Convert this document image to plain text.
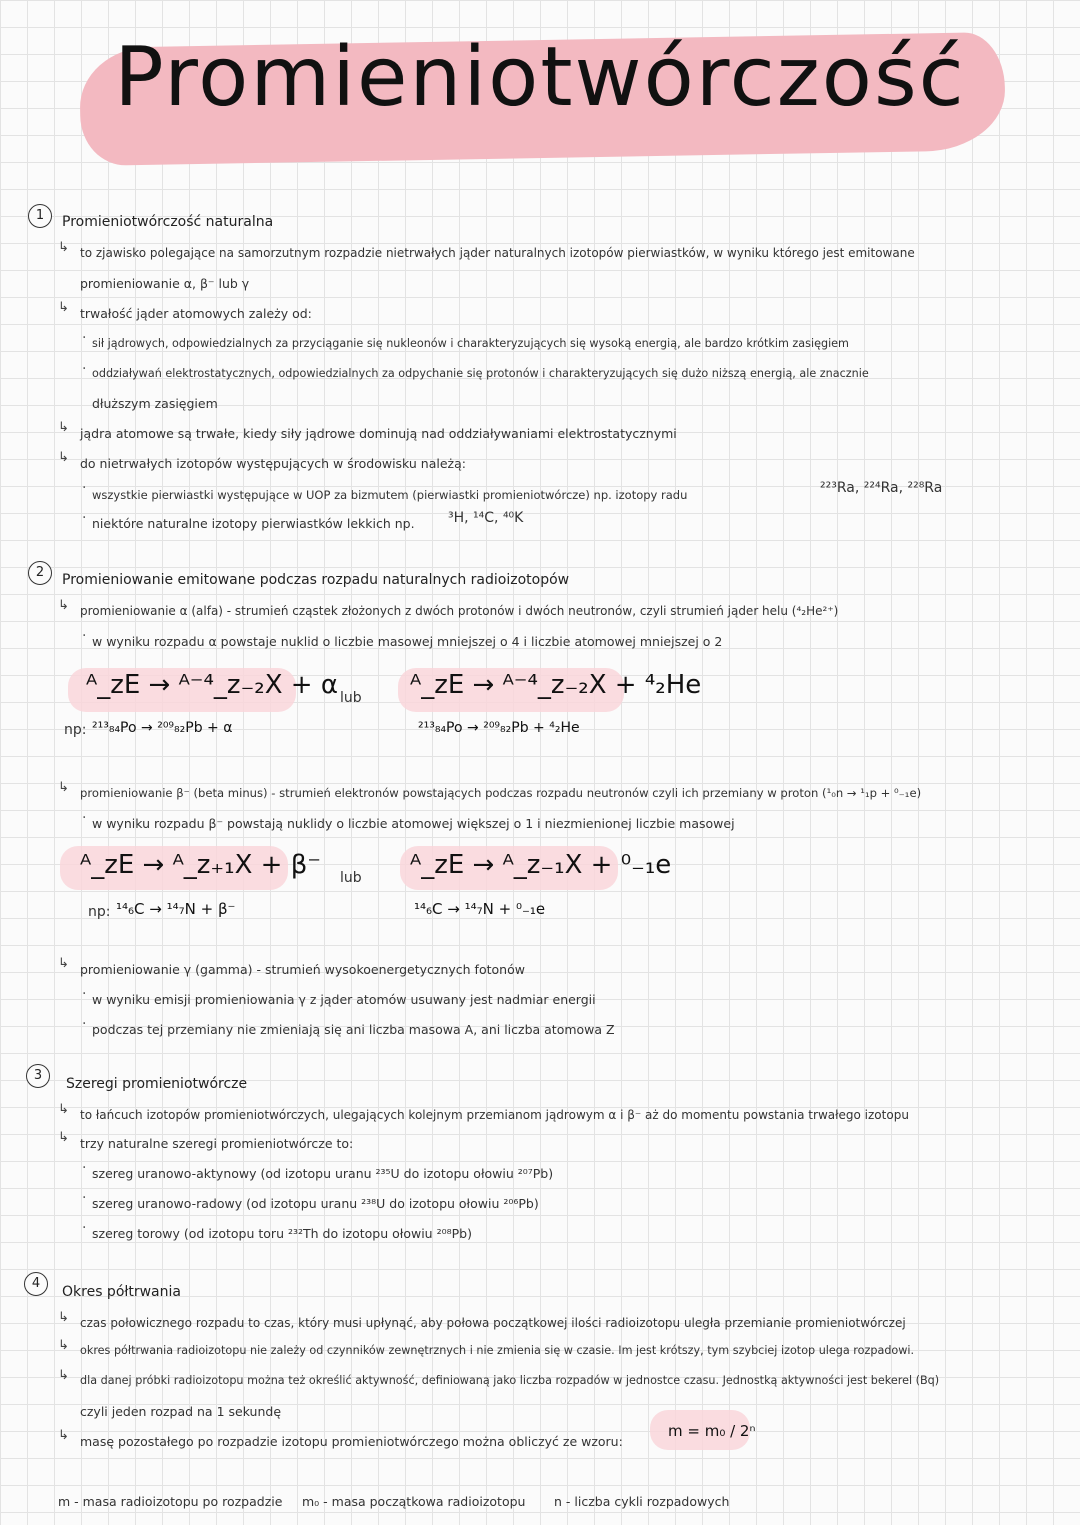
Promieniotwórczość
1	Promieniotwórczość naturalna
↳ to zjawisko polegające na samorzutnym rozpadzie nietrwałych jąder naturalnych izotopów pierwiastków, w wyniku którego jest emitowane
promieniowanie α, β⁻ lub γ
↳ trwałość jąder atomowych zależy od:
· sił jądrowych, odpowiedzialnych za przyciąganie się nukleonów i charakteryzujących się wysoką energią, ale bardzo krótkim zasięgiem
· oddziaływań elektrostatycznych, odpowiedzialnych za odpychanie się protonów i charakteryzujących się dużo niższą energią, ale znacznie
dłuższym zasięgiem
↳ jądra atomowe są trwałe, kiedy siły jądrowe dominują nad oddziaływaniami elektrostatycznymi
↳ do nietrwałych izotopów występujących w środowisku należą:
· wszystkie pierwiastki występujące w UOP za bizmutem (pierwiastki promieniotwórcze) np. izotopy radu	²²³Ra, ²²⁴Ra, ²²⁸Ra
· niektóre naturalne izotopy pierwiastków lekkich np. ³H, ¹⁴C, ⁴⁰K
2	Promieniowanie emitowane podczas rozpadu naturalnych radioizotopów
↳ promieniowanie α (alfa) - strumień cząstek złożonych z dwóch protonów i dwóch neutronów, czyli strumień jąder helu (⁴₂He²⁺)
· w wyniku rozpadu α powstaje nuklid o liczbie masowej mniejszej o 4 i liczbie atomowej mniejszej o 2
ᴬ_zE → ᴬ⁻⁴_z₋₂X + α lub ᴬ_zE → ᴬ⁻⁴_z₋₂X + ⁴₂He
np: ²¹³₈₄Po → ²⁰⁹₈₂Pb + α	²¹³₈₄Po → ²⁰⁹₈₂Pb + ⁴₂He
↳ promieniowanie β⁻ (beta minus) - strumień elektronów powstających podczas rozpadu neutronów czyli ich przemiany w proton (¹₀n → ¹₁p + ⁰₋₁e)
· w wyniku rozpadu β⁻ powstają nuklidy o liczbie atomowej większej o 1 i niezmienionej liczbie masowej
ᴬ_zE → ᴬ_z₊₁X + β⁻ lub ᴬ_zE → ᴬ_z₋₁X + ⁰₋₁e
np: ¹⁴₆C → ¹⁴₇N + β⁻	¹⁴₆C → ¹⁴₇N + ⁰₋₁e
↳ promieniowanie γ (gamma) - strumień wysokoenergetycznych fotonów
· w wyniku emisji promieniowania γ z jąder atomów usuwany jest nadmiar energii
· podczas tej przemiany nie zmieniają się ani liczba masowa A, ani liczba atomowa Z
3
Szeregi promieniotwórcze
↳ to łańcuch izotopów promieniotwórczych, ulegających kolejnym przemianom jądrowym α i β⁻ aż do momentu powstania trwałego izotopu
↳ trzy naturalne szeregi promieniotwórcze to:
· szereg uranowo-aktynowy (od izotopu uranu ²³⁵U do izotopu ołowiu ²⁰⁷Pb)
· szereg uranowo-radowy (od izotopu uranu ²³⁸U do izotopu ołowiu ²⁰⁶Pb)
· szereg torowy (od izotopu toru ²³²Th do izotopu ołowiu ²⁰⁸Pb)
4
Okres półtrwania
↳ czas połowicznego rozpadu to czas, który musi upłynąć, aby połowa początkowej ilości radioizotopu uległa przemianie promieniotwórczej
↳ okres półtrwania radioizotopu nie zależy od czynników zewnętrznych i nie zmienia się w czasie. Im jest krótszy, tym szybciej izotop ulega rozpadowi.
↳ dla danej próbki radioizotopu można też określić aktywność, definiowaną jako liczba rozpadów w jednostce czasu. Jednostką aktywności jest bekerel (Bq)
czyli jeden rozpad na 1 sekundę
↳ masę pozostałego po rozpadzie izotopu promieniotwórczego można obliczyć ze wzoru:
m = m₀ / 2ⁿ
m - masa radioizotopu po rozpadzie m₀ - masa początkowa radioizotopu n - liczba cykli rozpadowych
